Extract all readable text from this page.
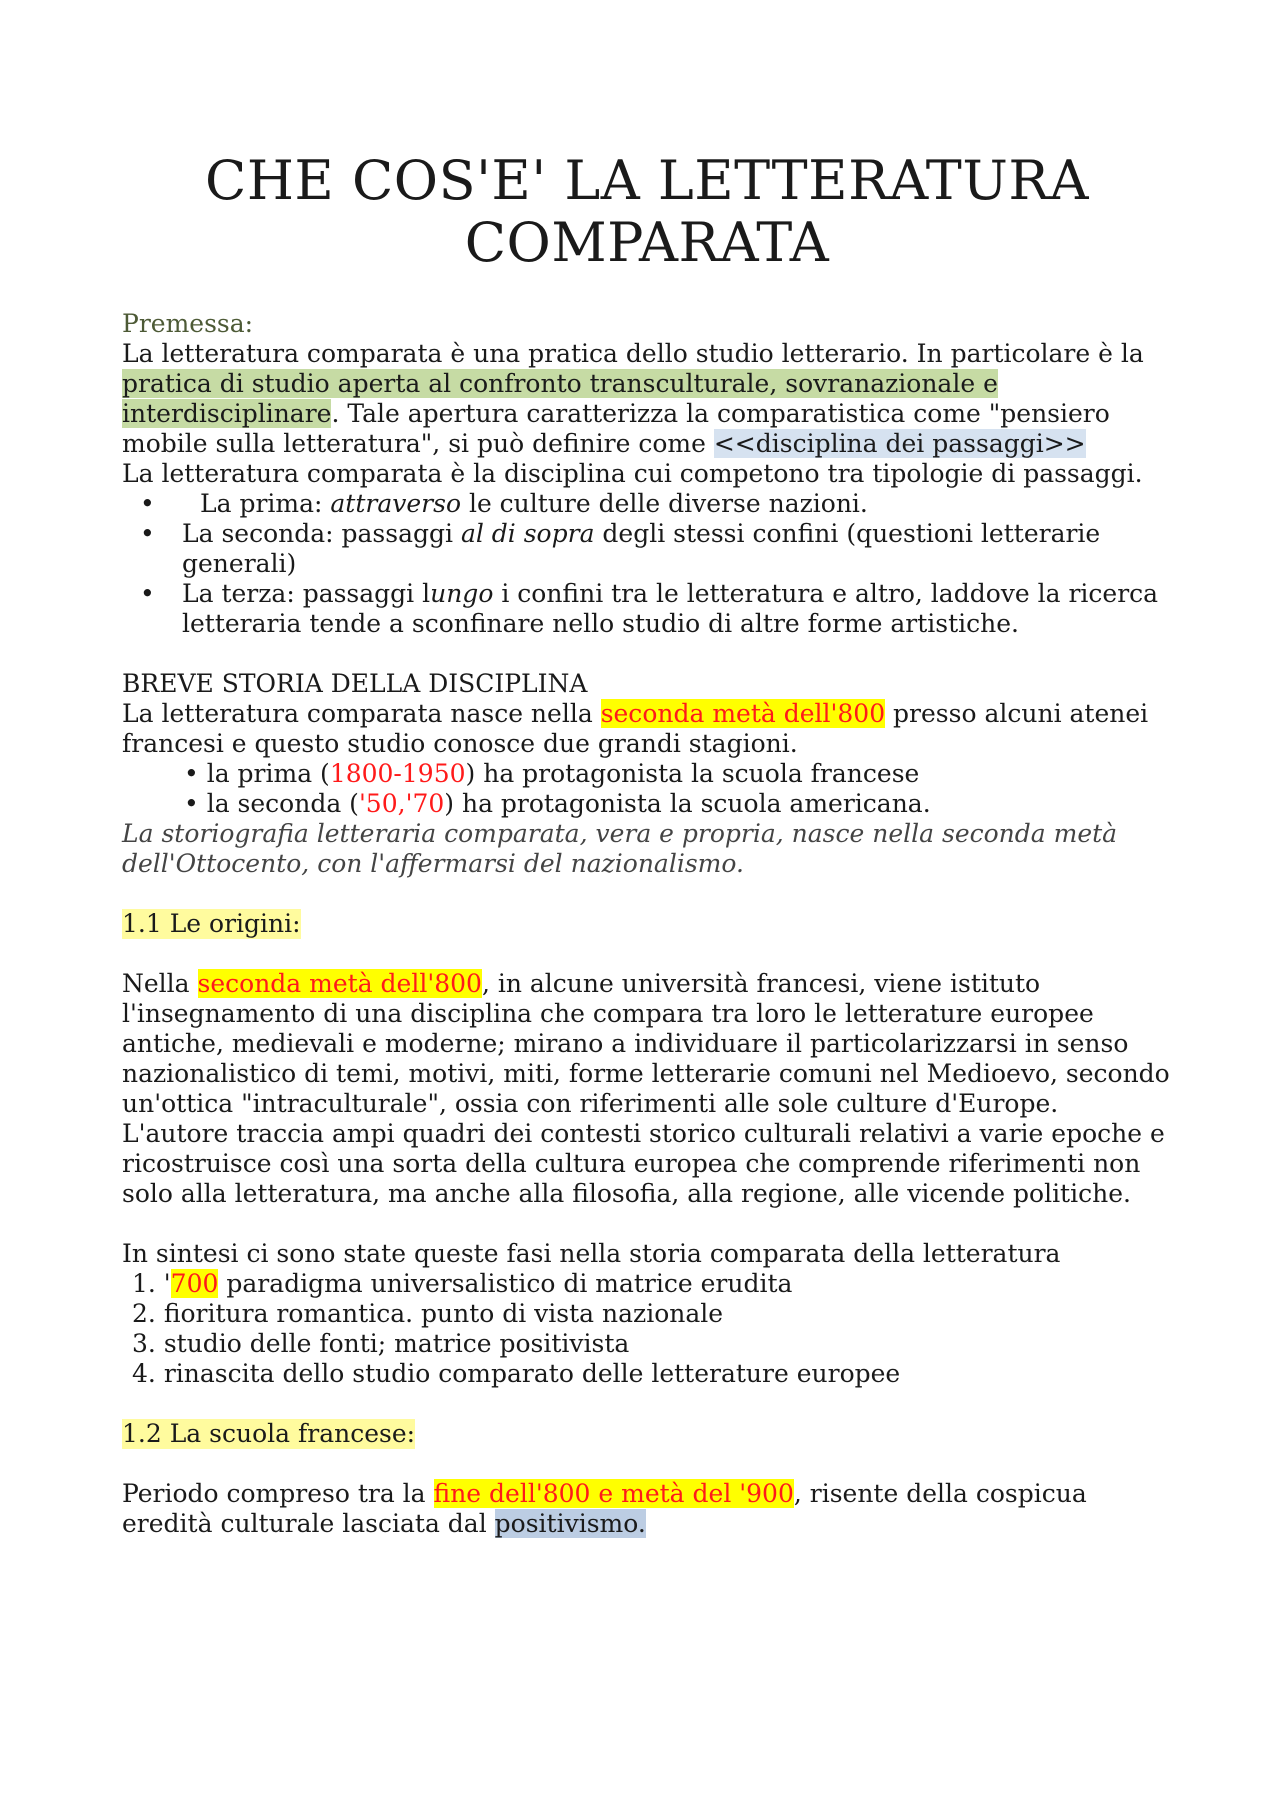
CHE COS'E' LA LETTERATURA
COMPARATA
Premessa:
La letteratura comparata è una pratica dello studio letterario. In particolare è la pratica di studio aperta al confronto transculturale, sovranazionale e interdisciplinare. Tale apertura caratterizza la comparatistica come "pensiero mobile sulla letteratura", si può definire come <<disciplina dei passaggi>>
La letteratura comparata è la disciplina cui competono tra tipologie di passaggi.
• La prima: attraverso le culture delle diverse nazioni.
• La seconda: passaggi al di sopra degli stessi confini (questioni letterarie generali)
• La terza: passaggi lungo i confini tra le letteratura e altro, laddove la ricerca letteraria tende a sconfinare nello studio di altre forme artistiche.
BREVE STORIA DELLA DISCIPLINA
La letteratura comparata nasce nella seconda metà dell'800 presso alcuni atenei francesi e questo studio conosce due grandi stagioni.
• la prima (1800-1950) ha protagonista la scuola francese
• la seconda ('50,'70) ha protagonista la scuola americana.
La storiografia letteraria comparata, vera e propria, nasce nella seconda metà dell'Ottocento, con l'affermarsi del nazionalismo.
1.1 Le origini:
Nella seconda metà dell'800, in alcune università francesi, viene istituto l'insegnamento di una disciplina che compara tra loro le letterature europee antiche, medievali e moderne; mirano a individuare il particolarizzarsi in senso nazionalistico di temi, motivi, miti, forme letterarie comuni nel Medioevo, secondo un'ottica "intraculturale", ossia con riferimenti alle sole culture d'Europe.
L'autore traccia ampi quadri dei contesti storico culturali relativi a varie epoche e ricostruisce così una sorta della cultura europea che comprende riferimenti non solo alla letteratura, ma anche alla filosofia, alla regione, alle vicende politiche.
In sintesi ci sono state queste fasi nella storia comparata della letteratura
1. '700 paradigma universalistico di matrice erudita
2. fioritura romantica. punto di vista nazionale
3. studio delle fonti; matrice positivista
4. rinascita dello studio comparato delle letterature europee
1.2 La scuola francese:
Periodo compreso tra la fine dell'800 e metà del '900, risente della cospicua eredità culturale lasciata dal positivismo.
